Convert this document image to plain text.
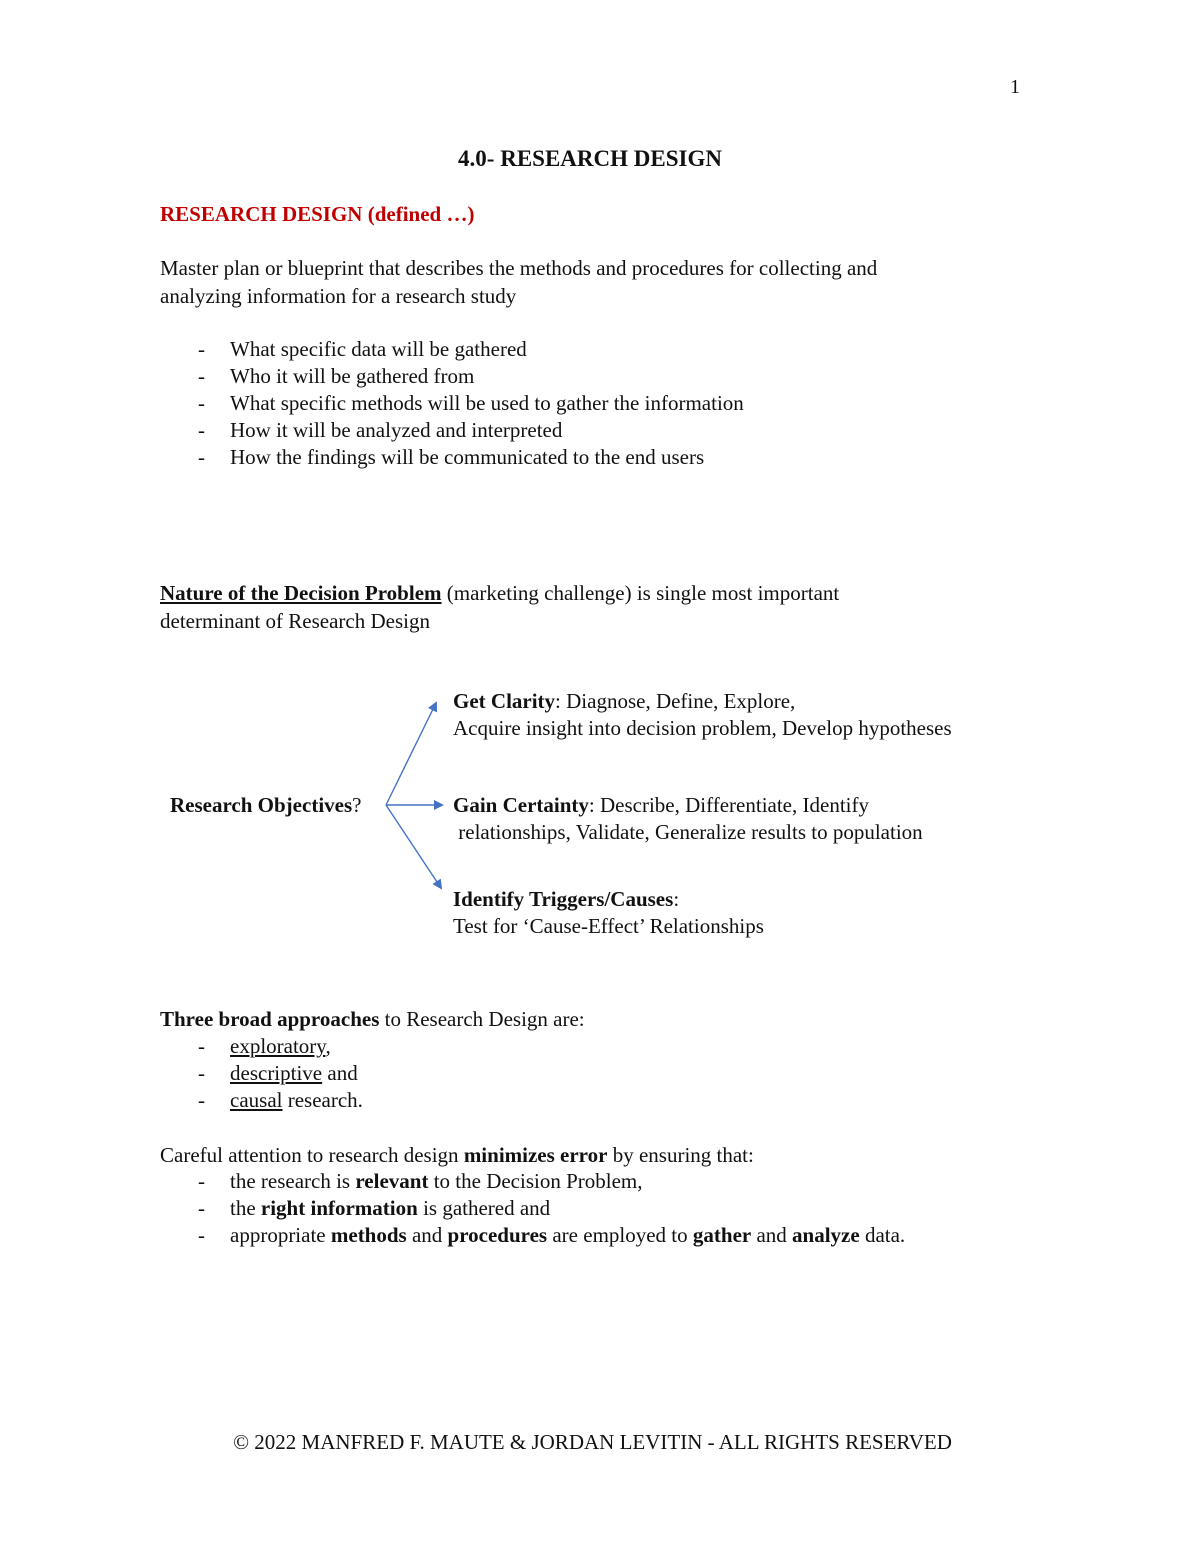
1
4.0- RESEARCH DESIGN
RESEARCH DESIGN (defined …)
Master plan or blueprint that describes the methods and procedures for collecting and
analyzing information for a research study
- What specific data will be gathered
- Who it will be gathered from
- What specific methods will be used to gather the information
- How it will be analyzed and interpreted
- How the findings will be communicated to the end users
Nature of the Decision Problem (marketing challenge) is single most important
determinant of Research Design
Research Objectives?
Get Clarity: Diagnose, Define, Explore,
Acquire insight into decision problem, Develop hypotheses
Gain Certainty: Describe, Differentiate, Identify
relationships, Validate, Generalize results to population
Identify Triggers/Causes:
Test for ‘Cause-Effect’ Relationships
Three broad approaches to Research Design are:
- exploratory,
- descriptive and
- causal research.
Careful attention to research design minimizes error by ensuring that:
- the research is relevant to the Decision Problem,
- the right information is gathered and
- appropriate methods and procedures are employed to gather and analyze data.
© 2022 MANFRED F. MAUTE & JORDAN LEVITIN - ALL RIGHTS RESERVED
